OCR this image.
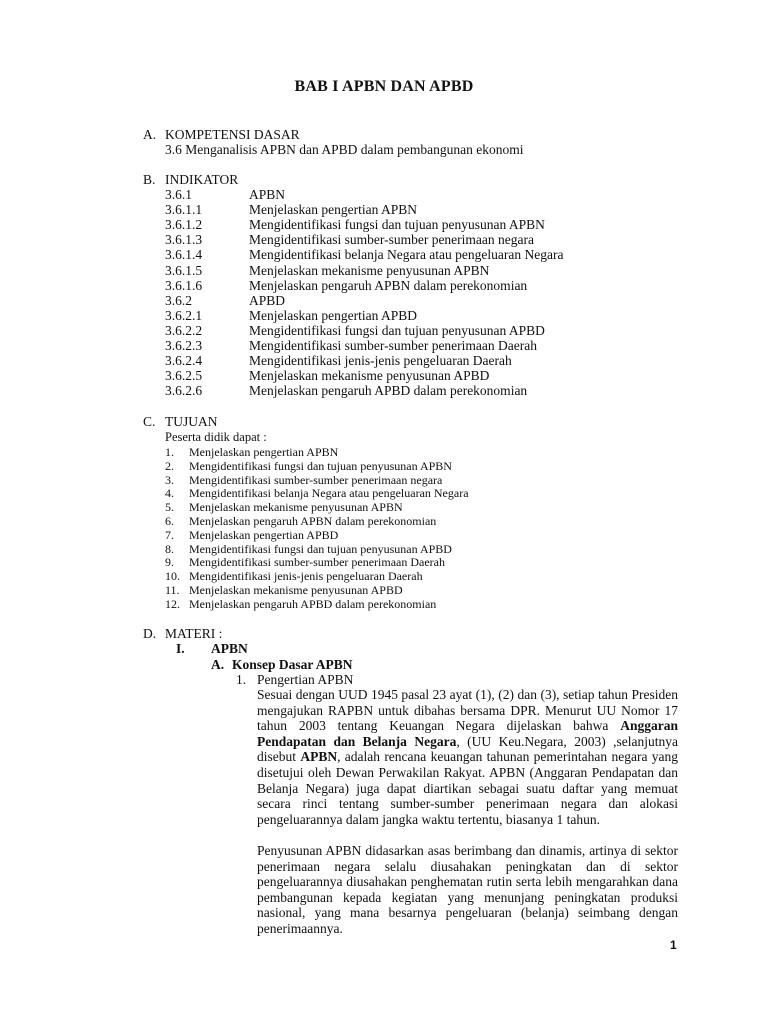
BAB I APBN DAN APBD
A. KOMPETENSI DASAR
3.6 Menganalisis APBN dan APBD dalam pembangunan ekonomi
B. INDIKATOR
3.6.1	APBN
3.6.1.1	Menjelaskan pengertian APBN
3.6.1.2	Mengidentifikasi fungsi dan tujuan penyusunan APBN
3.6.1.3	Mengidentifikasi sumber-sumber penerimaan negara
3.6.1.4	Mengidentifikasi belanja Negara atau pengeluaran Negara
3.6.1.5	Menjelaskan mekanisme penyusunan APBN
3.6.1.6	Menjelaskan pengaruh APBN dalam perekonomian
3.6.2	APBD
3.6.2.1	Menjelaskan pengertian APBD
3.6.2.2	Mengidentifikasi fungsi dan tujuan penyusunan APBD
3.6.2.3	Mengidentifikasi sumber-sumber penerimaan Daerah
3.6.2.4	Mengidentifikasi jenis-jenis pengeluaran Daerah
3.6.2.5	Menjelaskan mekanisme penyusunan APBD
3.6.2.6	Menjelaskan pengaruh APBD dalam perekonomian
C. TUJUAN
Peserta didik dapat :
1. Menjelaskan pengertian APBN
2. Mengidentifikasi fungsi dan tujuan penyusunan APBN
3. Mengidentifikasi sumber-sumber penerimaan negara
4. Mengidentifikasi belanja Negara atau pengeluaran Negara
5. Menjelaskan mekanisme penyusunan APBN
6. Menjelaskan pengaruh APBN dalam perekonomian
7. Menjelaskan pengertian APBD
8. Mengidentifikasi fungsi dan tujuan penyusunan APBD
9. Mengidentifikasi sumber-sumber penerimaan Daerah
10. Mengidentifikasi jenis-jenis pengeluaran Daerah
11. Menjelaskan mekanisme penyusunan APBD
12. Menjelaskan pengaruh APBD dalam perekonomian
D. MATERI :
I. APBN
A. Konsep Dasar APBN
1. Pengertian APBN
Sesuai dengan UUD 1945 pasal 23 ayat (1), (2) dan (3), setiap tahun Presiden mengajukan RAPBN untuk dibahas bersama DPR. Menurut UU Nomor 17 tahun 2003 tentang Keuangan Negara dijelaskan bahwa Anggaran Pendapatan dan Belanja Negara, (UU Keu.Negara, 2003) ,selanjutnya disebut APBN, adalah rencana keuangan tahunan pemerintahan negara yang disetujui oleh Dewan Perwakilan Rakyat. APBN (Anggaran Pendapatan dan Belanja Negara) juga dapat diartikan sebagai suatu daftar yang memuat secara rinci tentang sumber-sumber penerimaan negara dan alokasi pengeluarannya dalam jangka waktu tertentu, biasanya 1 tahun.
Penyusunan APBN didasarkan asas berimbang dan dinamis, artinya di sektor penerimaan negara selalu diusahakan peningkatan dan di sektor pengeluarannya diusahakan penghematan rutin serta lebih mengarahkan dana pembangunan kepada kegiatan yang menunjang peningkatan produksi nasional, yang mana besarnya pengeluaran (belanja) seimbang dengan penerimaannya.
1
